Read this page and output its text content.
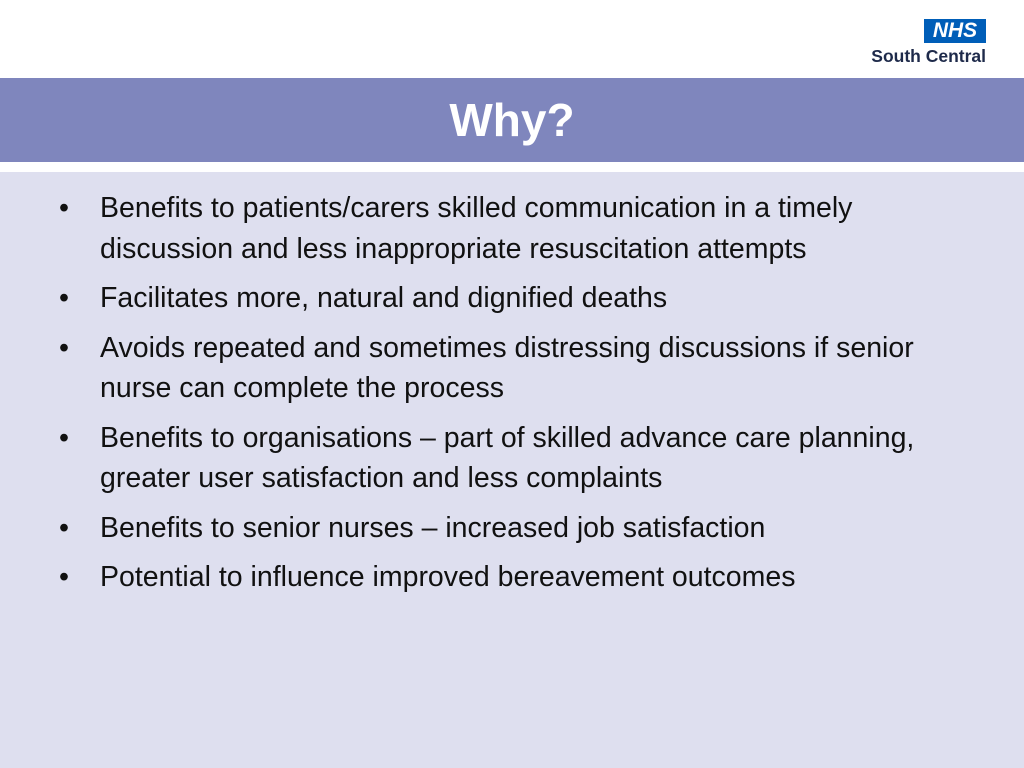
NHS
South Central
Why?
• Benefits to patients/carers skilled communication in a timely discussion and less inappropriate resuscitation attempts
• Facilitates more, natural and dignified deaths
• Avoids repeated and sometimes distressing discussions if senior nurse can complete the process
• Benefits to organisations – part of skilled advance care planning, greater user satisfaction and less complaints
• Benefits to senior nurses – increased job satisfaction
• Potential to influence improved bereavement outcomes
